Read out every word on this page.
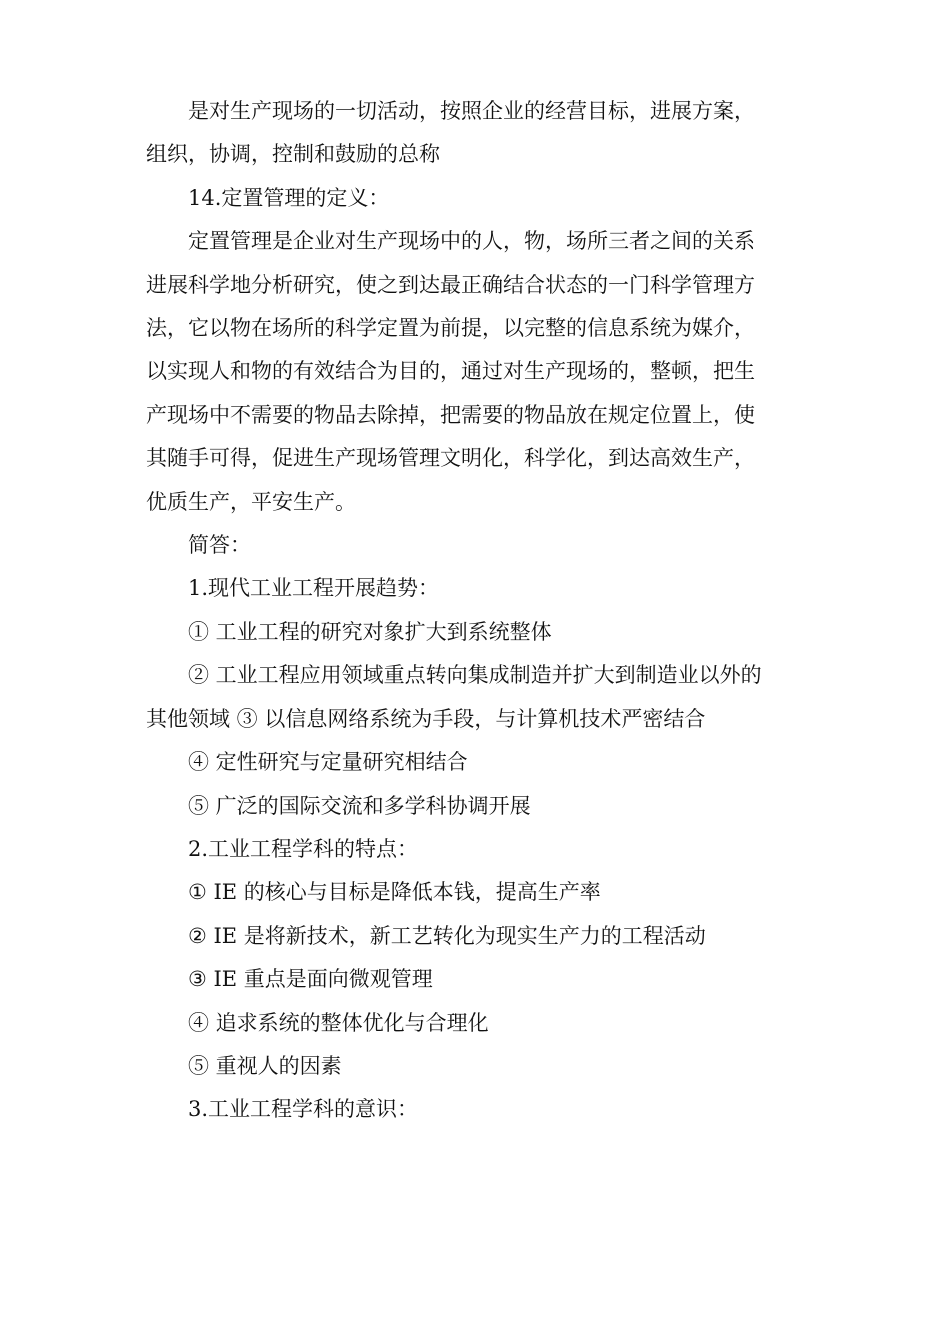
是对生产现场的一切活动，按照企业的经营目标，进展方案，
组织，协调，控制和鼓励的总称
14.定置管理的定义：
定置管理是企业对生产现场中的人，物，场所三者之间的关系
进展科学地分析研究，使之到达最正确结合状态的一门科学管理方
法，它以物在场所的科学定置为前提，以完整的信息系统为媒介，
以实现人和物的有效结合为目的，通过对生产现场的，整顿，把生
产现场中不需要的物品去除掉，把需要的物品放在规定位置上，使
其随手可得，促进生产现场管理文明化，科学化，到达高效生产，
优质生产，平安生产。
简答：
1.现代工业工程开展趋势：
① 工业工程的研究对象扩大到系统整体
② 工业工程应用领域重点转向集成制造并扩大到制造业以外的
其他领域 ③ 以信息网络系统为手段，与计算机技术严密结合
④ 定性研究与定量研究相结合
⑤ 广泛的国际交流和多学科协调开展
2.工业工程学科的特点：
① IE 的核心与目标是降低本钱，提高生产率
② IE 是将新技术，新工艺转化为现实生产力的工程活动
③ IE 重点是面向微观管理
④ 追求系统的整体优化与合理化
⑤ 重视人的因素
3.工业工程学科的意识：
